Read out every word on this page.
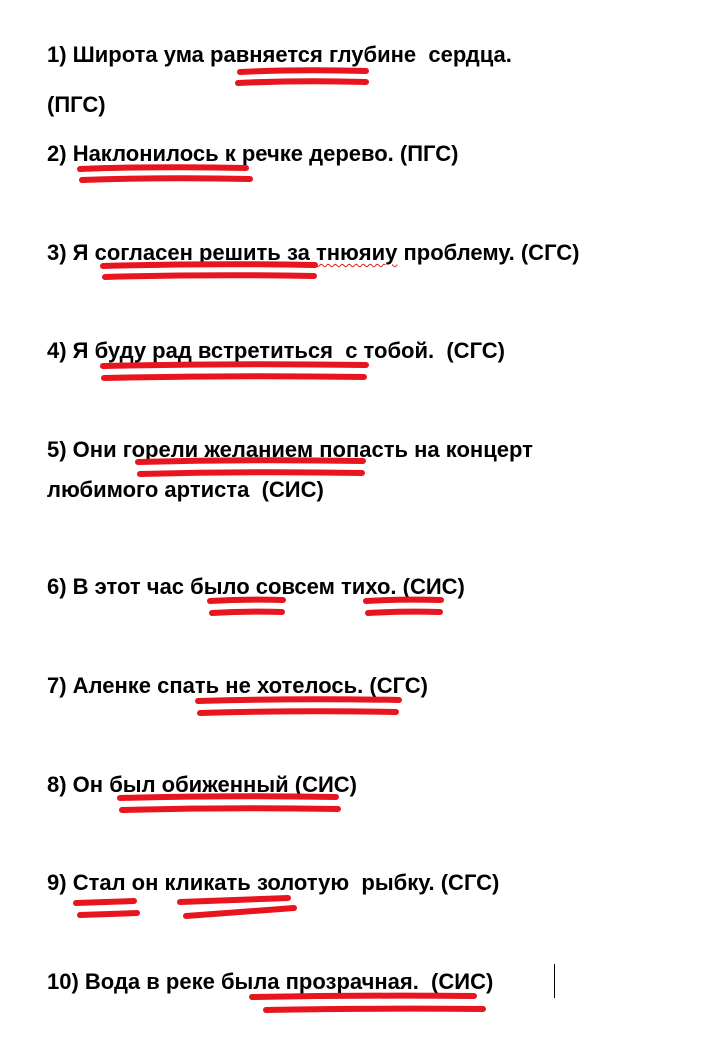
1) Широта ума равняется глубине  сердца.
(ПГС)
2) Наклонилось к речке дерево. (ПГС)
3) Я согласен решить за тнюяиу проблему. (СГС)
4) Я буду рад встретиться  с тобой.  (СГС)
5) Они горели желанием попасть на концерт
любимого артиста  (СИС)
6) В этот час было совсем тихо. (СИС)
7) Аленке спать не хотелось. (СГС)
8) Он был обиженный (СИС)
9) Стал он кликать золотую  рыбку. (СГС)
10) Вода в реке была прозрачная.  (СИС)
